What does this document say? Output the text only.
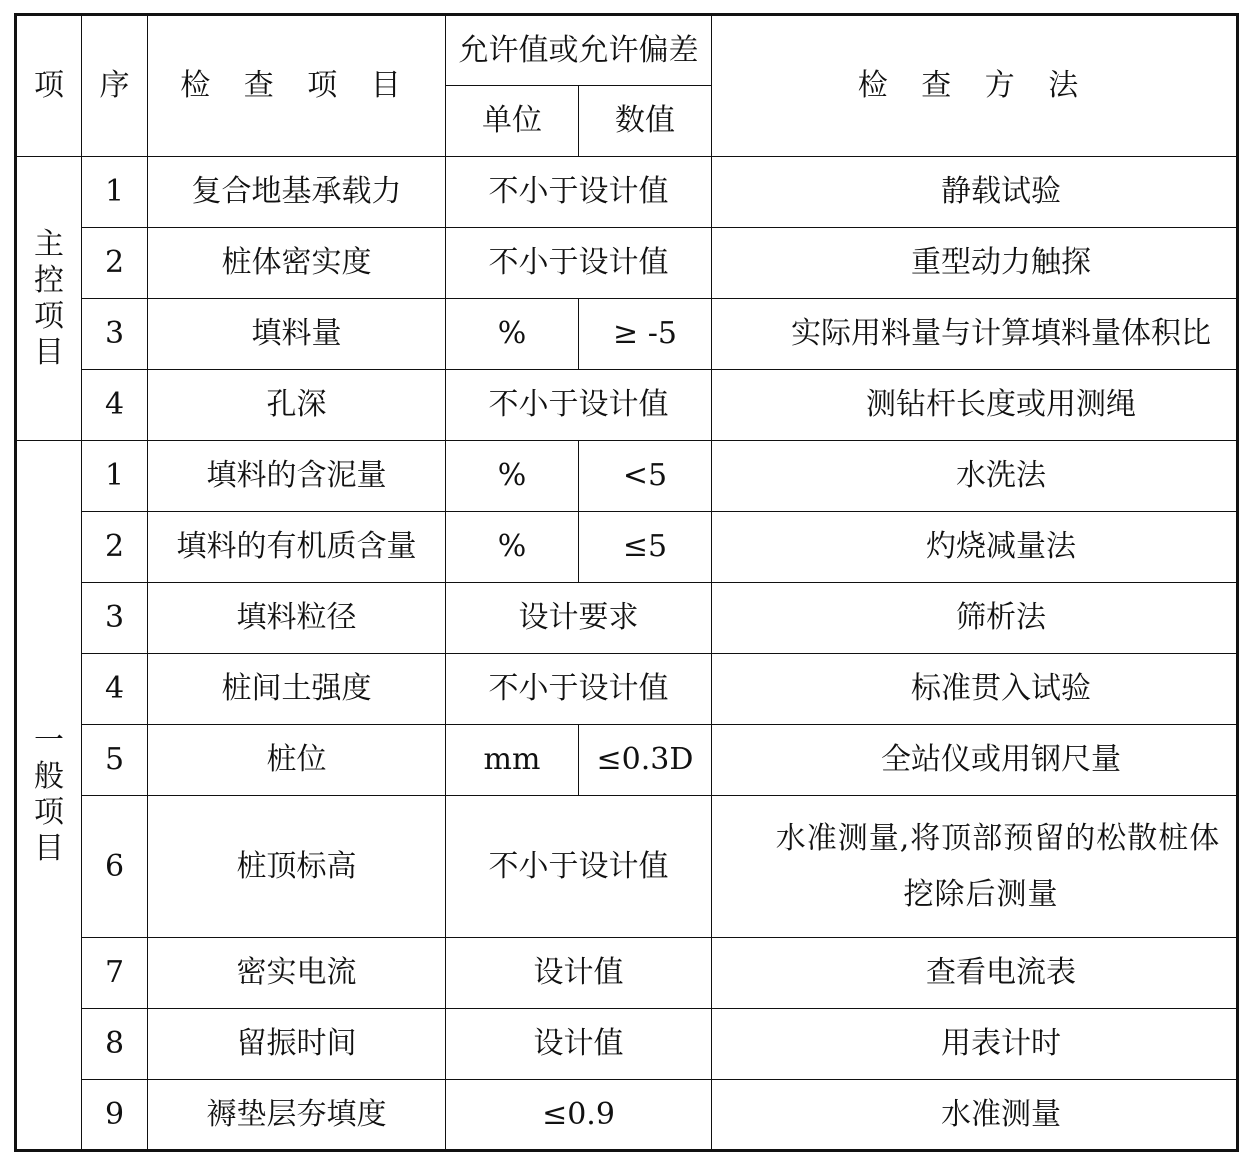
项	序	检 查 项 目	允许值或允许偏差		检 查 方 法
			单位	数值	

主
控
项
目	1	复合地基承载力	不小于设计值		静载试验
	2	桩体密实度	不小于设计值		重型动力触探
	3	填料量	%	≥ -5	实际用料量与计算填料量体积比
	4	孔深	不小于设计值		测钻杆长度或用测绳

一
般
项
目	1	填料的含泥量	%	<5	水洗法
	2	填料的有机质含量	%	≤5	灼烧减量法
	3	填料粒径	设计要求		筛析法
	4	桩间土强度	不小于设计值		标准贯入试验
	5	桩位	mm	≤0.3D	全站仪或用钢尺量
	6	桩顶标高	不小于设计值		水准测量,将顶部预留的松散桩体挖除后测量
	7	密实电流	设计值		查看电流表
	8	留振时间	设计值		用表计时
	9	褥垫层夯填度	≤0.9		水准测量
